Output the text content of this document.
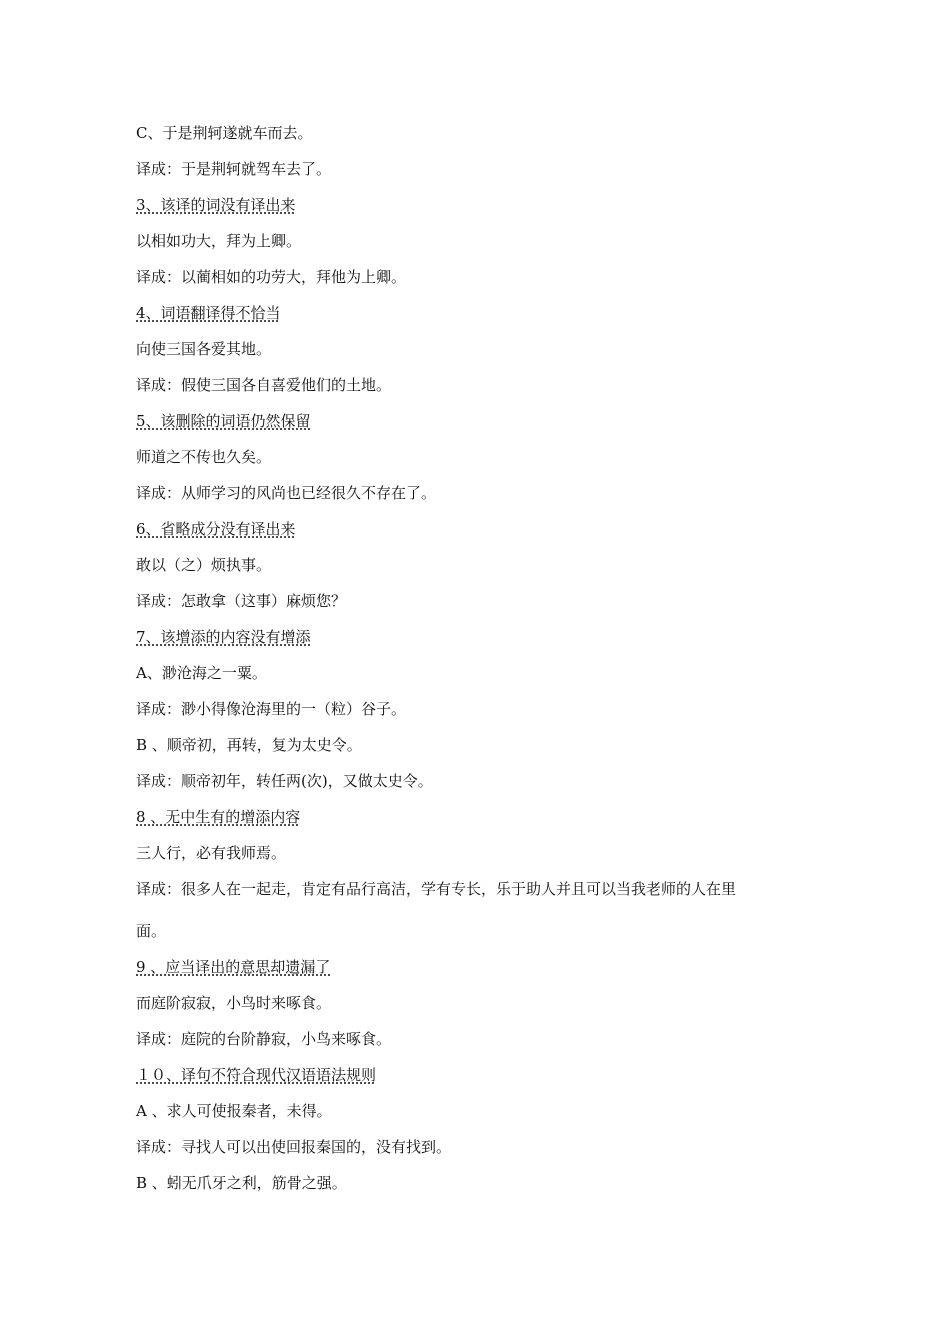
C、于是荆轲遂就车而去。
译成：于是荆轲就驾车去了。
3、该译的词没有译出来
以相如功大，拜为上卿。
译成：以蔺相如的功劳大，拜他为上卿。
4、词语翻译得不恰当
向使三国各爱其地。
译成：假使三国各自喜爱他们的土地。
5、该删除的词语仍然保留
师道之不传也久矣。
译成：从师学习的风尚也已经很久不存在了。
6、省略成分没有译出来
敢以（之）烦执事。
译成：怎敢拿（这事）麻烦您？
7、该增添的内容没有增添
A、渺沧海之一粟。
译成：渺小得像沧海里的一（粒）谷子。
B 、顺帝初，再转，复为太史令。
译成：顺帝初年，转任两(次)，又做太史令。
8 、无中生有的增添内容
三人行，必有我师焉。
译成：很多人在一起走，肯定有品行高洁，学有专长，乐于助人并且可以当我老师的人在里
面。
9 、应当译出的意思却遗漏了
而庭阶寂寂，小鸟时来啄食。
译成：庭院的台阶静寂，小鸟来啄食。
１０、译句不符合现代汉语语法规则
A 、求人可使报秦者，未得。
译成：寻找人可以出使回报秦国的，没有找到。
B 、蚓无爪牙之利，筋骨之强。
